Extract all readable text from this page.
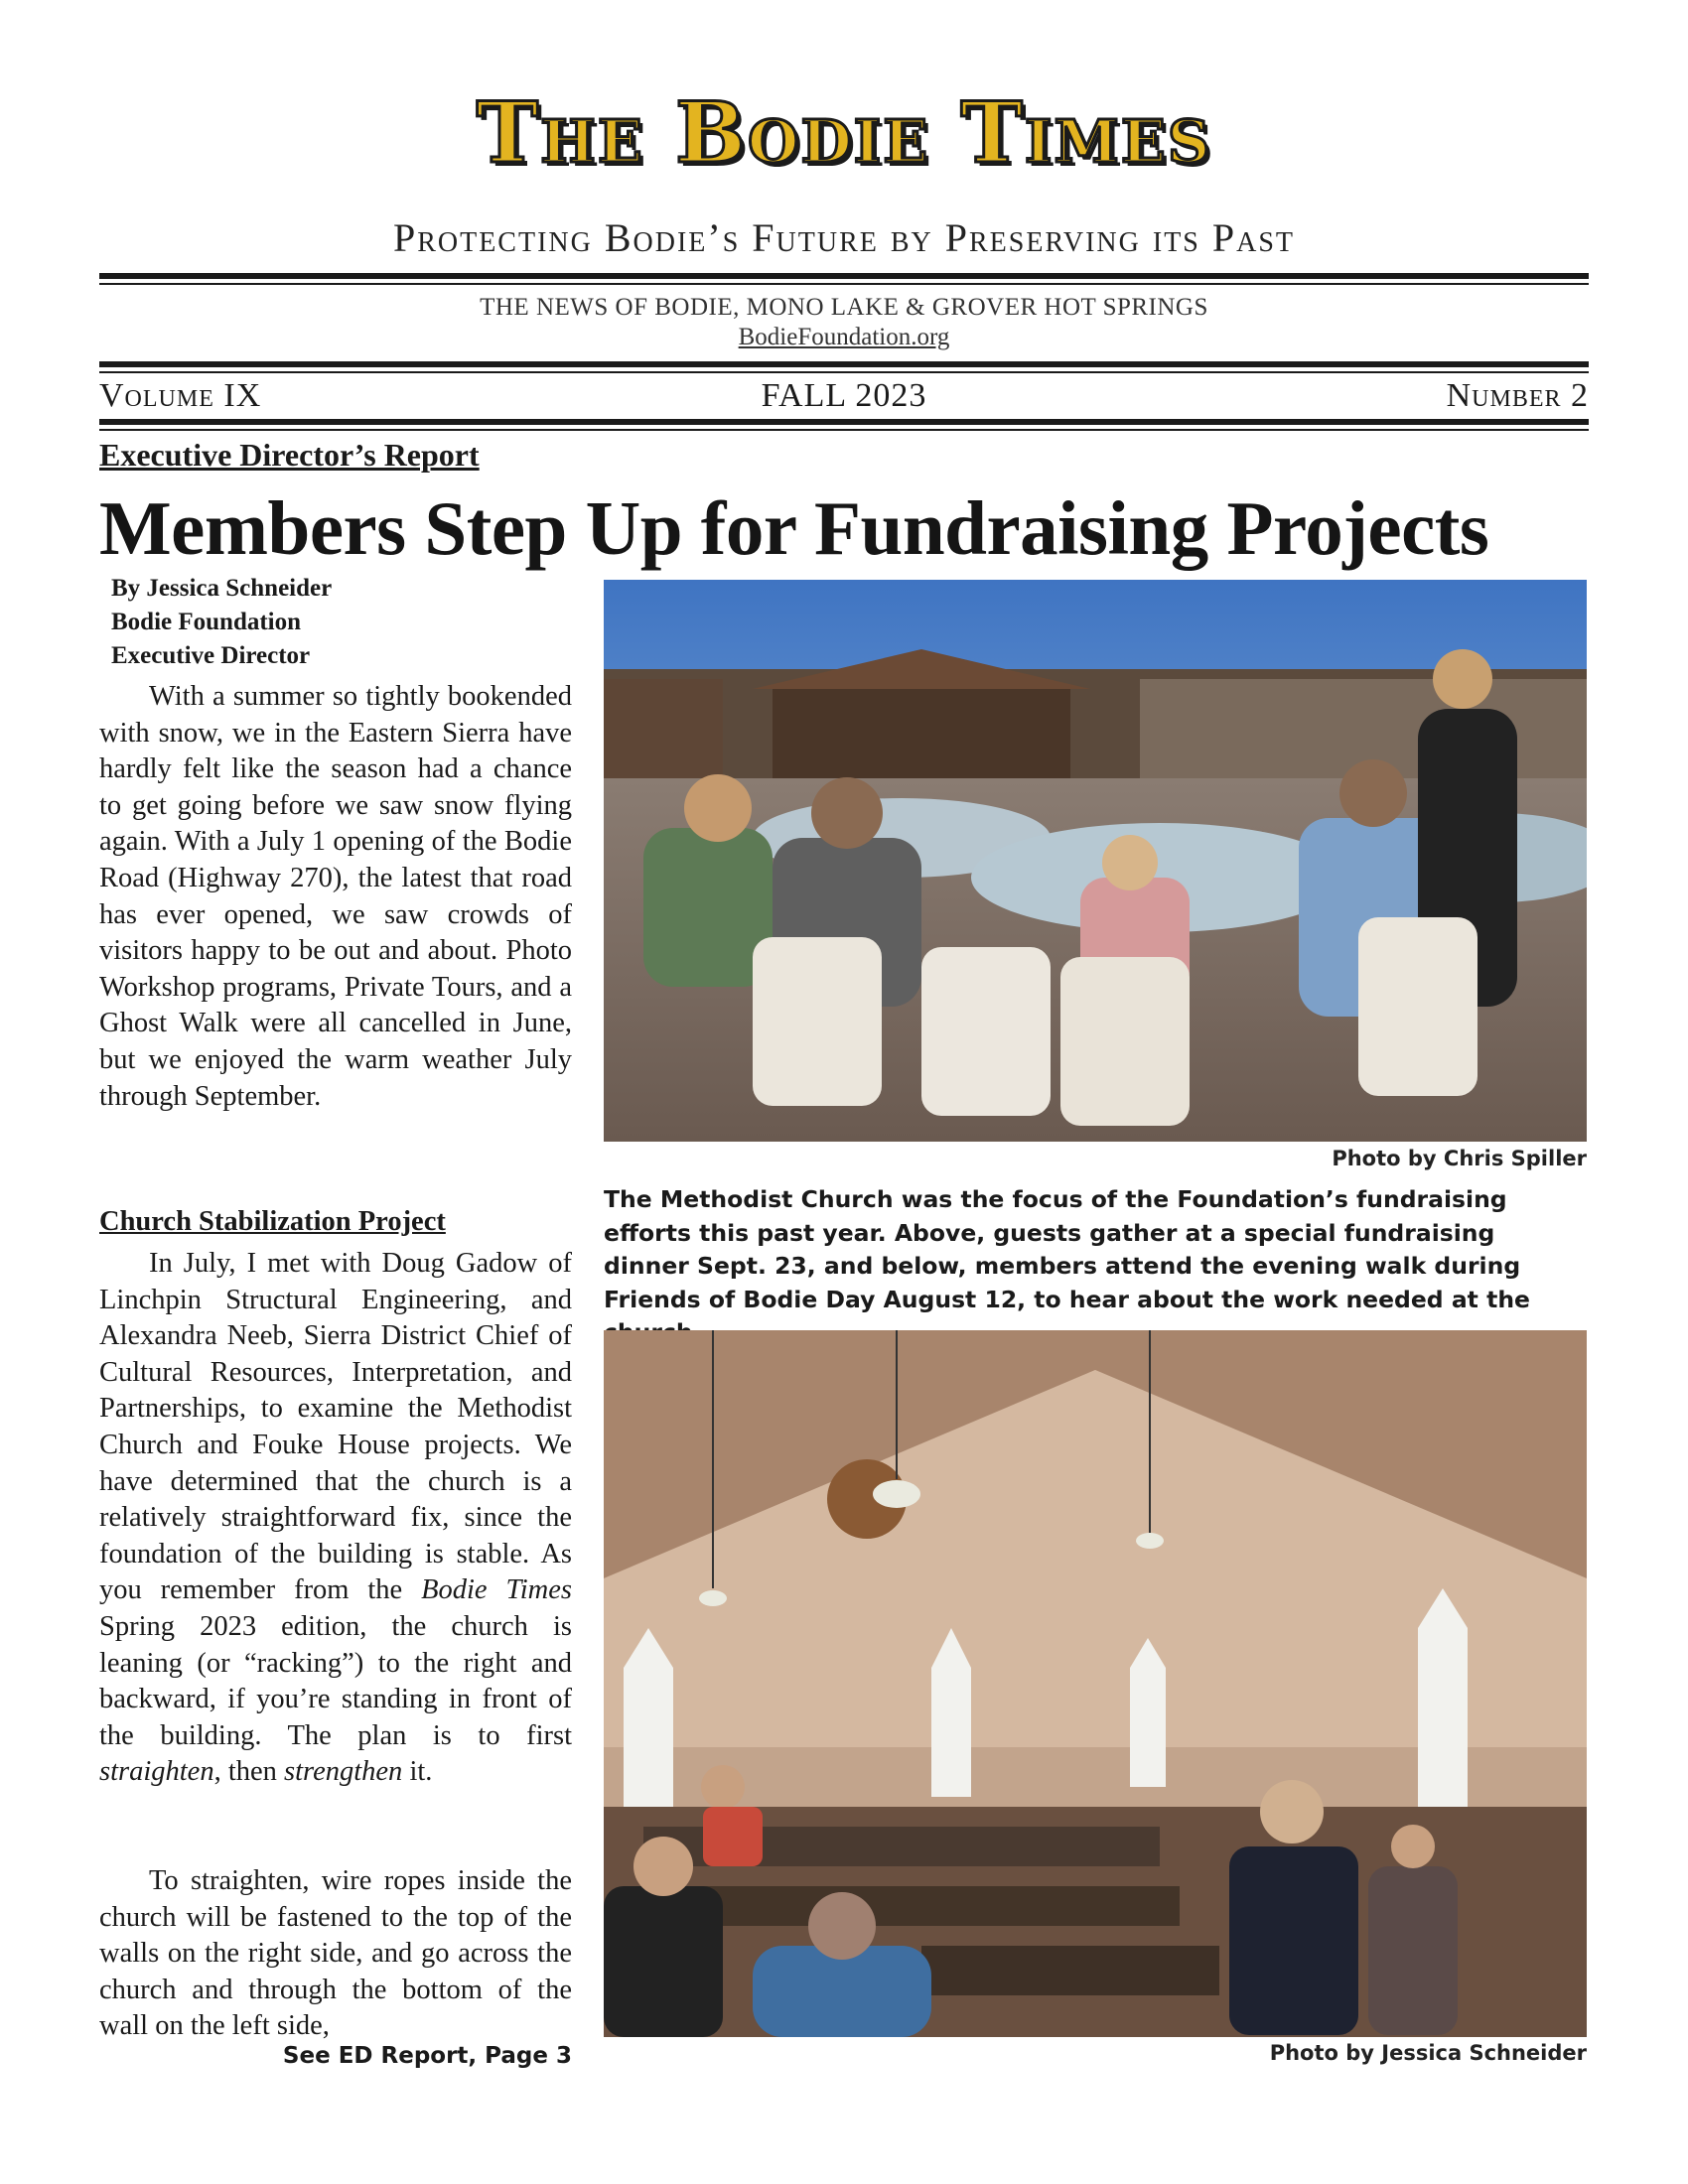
The Bodie Times
Protecting Bodie’s Future by Preserving its Past
THE NEWS OF BODIE, MONO LAKE & GROVER HOT SPRINGS
BodieFoundation.org
Volume IX	FALL 2023	Number 2
Executive Director’s Report
Members Step Up for Fundraising Projects
By Jessica Schneider
Bodie Foundation
Executive Director

With a summer so tightly bookended with snow, we in the Eastern Sierra have hardly felt like the season had a chance to get going before we saw snow flying again. With a July 1 opening of the Bodie Road (Highway 270), the latest that road has ever opened, we saw crowds of visitors happy to be out and about. Photo Workshop programs, Private Tours, and a Ghost Walk were all cancelled in June, but we enjoyed the warm weather July through September.

Church Stabilization Project

In July, I met with Doug Gadow of Linchpin Structural Engineering, and Alexandra Neeb, Sierra District Chief of Cultural Resources, Interpretation, and Partnerships, to examine the Methodist Church and Fouke House projects. We have determined that the church is a relatively straightforward fix, since the foundation of the building is stable. As you remember from the Bodie Times Spring 2023 edition, the church is leaning (or “racking”) to the right and backward, if you’re standing in front of the building. The plan is to first straighten, then strengthen it.

To straighten, wire ropes inside the church will be fastened to the top of the walls on the right side, and go across the church and through the bottom of the wall on the left side,

See ED Report, Page 3
Photo by Chris Spiller
The Methodist Church was the focus of the Foundation’s fundraising efforts this past year. Above, guests gather at a special fundraising dinner Sept. 23, and below, members attend the evening walk during Friends of Bodie Day August 12, to hear about the work needed at the
Photo by Jessica Schneider
